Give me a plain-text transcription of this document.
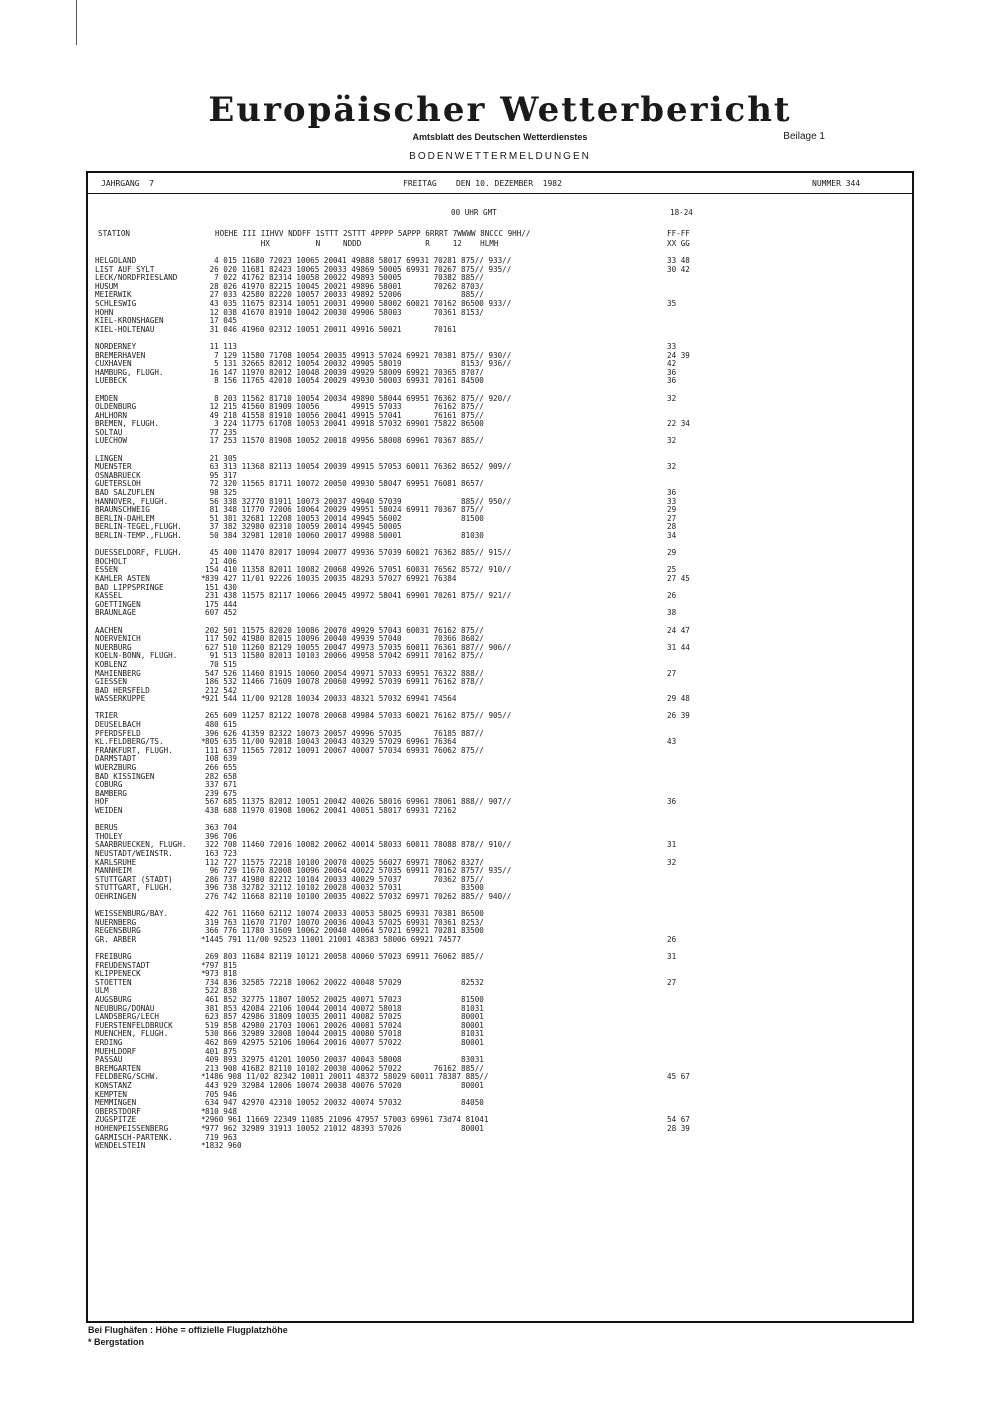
Europäischer Wetterbericht
Amtsblatt des Deutschen Wetterdienstes	Beilage 1
BODENWETTERMELDUNGEN
JAHRGANG  7	FREITAG    DEN 10. DEZEMBER  1982	NUMMER 344
00 UHR GMT	18-24
STATION	HOEHE III IIHVV NDDFF 1STTT 2STTT 4PPPP 5APPP 6RRRT 7WWWW 8NCCC 9HH//
HX          N     NDDD              R     12    HLMH
FF-FF
XX GG
HELGOLAND	4 015 11680 72023 10065 20041 49888 58017 69931 70281 875// 933//	33 48
LIST AUF SYLT	26 020 11681 82423 10065 20033 49869 50005 69931 70267 875// 935//	30 42
LECK/NORDFRIESLAND	7 022 41762 82314 10058 20022 49893 50005       70382 885//
HUSUM	28 026 41970 82215 10045 20021 49896 58001       70262 8703/
MEIERWIK	27 033 42580 82220 10057 20033 49892 52006             885//
SCHLESWIG	43 035 11675 82314 10051 20031 49900 58002 60021 70162 86500 933//	35
HOHN	12 038 41670 81910 10042 20030 49906 58003       70361 8153/
KIEL-KRONSHAGEN	17 045
KIEL-HOLTENAU	31 046 41960 02312 10051 20011 49916 50021       70161
NORDERNEY	11 113	33
BREMERHAVEN	7 129 11580 71708 10054 20035 49913 57024 69921 70381 875// 930//	24 39
CUXHAVEN	5 131 32665 82012 10054 20032 49905 58019             8153/ 936//	42
HAMBURG, FLUGH.	16 147 11970 82012 10048 20039 49929 58009 69921 70365 8707/	36
LUEBECK	8 156 11765 42010 10054 20029 49930 50003 69931 70161 84500	36
EMDEN	8 203 11562 81710 10054 20034 49890 58044 69951 76362 875// 920//	32
OLDENBURG	12 215 41560 81909 10056       49915 57033       76162 875//
AHLHORN	49 218 41558 81910 10056 20041 49915 57041       76161 875//
BREMEN, FLUGH.	3 224 11775 61708 10053 20041 49918 57032 69901 75822 86500	22 34
SOLTAU	77 235
LUECHOW	17 253 11570 81908 10052 20018 49956 58008 69961 70367 885//	32
LINGEN	21 305
MUENSTER	63 313 11368 82113 10054 20039 49915 57053 60011 76362 8652/ 909//	32
OSNABRUECK	95 317
GUETERSLOH	72 320 11565 81711 10072 20050 49930 58047 69951 76081 8657/
BAD SALZUFLEN	98 325	36
HANNOVER, FLUGH.	56 338 32770 81911 10073 20037 49940 57039             885// 950//	33
BRAUNSCHWEIG	81 348 11770 72006 10064 20029 49951 58024 69911 70367 875//	29
BERLIN-DAHLEM	51 381 32681 12208 10053 20014 49945 56002             81500	27
BERLIN-TEGEL,FLUGH.	37 382 32980 02310 10059 20014 49945 50005	28
BERLIN-TEMP.,FLUGH.	50 384 32981 12010 10060 20017 49988 50001             81030	34
DUESSELDORF, FLUGH.	45 400 11470 82017 10094 20077 49936 57039 60021 76362 885// 915//	29
BOCHOLT	21 406
ESSEN	154 410 11358 82011 10082 20068 49926 57051 60031 76562 8572/ 910//	25
KAHLER ASTEN	* 839 427 11/01 92226 10035 20035 48293 57027 69921 76384	27 45
BAD LIPPSPRINGE	151 430
KASSEL	231 438 11575 82117 10066 20045 49972 58041 69901 70261 875// 921//	26
GOETTINGEN	175 444
BRAUNLAGE	607 452	38
AACHEN	202 501 11575 82020 10086 20070 49929 57043 60031 76162 875//	24 47
NOERVENICH	117 502 41980 82015 10096 20040 49939 57040       70366 8602/
NUERBURG	627 510 11260 82129 10055 20047 49973 57035 60011 76361 887// 906//	31 44
KOELN-BONN, FLUGH.	91 513 11580 82013 10103 20066 49958 57042 69911 70162 875//
KOBLENZ	70 515
MAHIENBERG	547 526 11460 81915 10060 20054 49971 57033 69951 76322 888//	27
GIESSEN	186 532 11466 71609 10078 20060 49992 57039 69911 76162 878//
BAD HERSFELD	212 542
WASSERKUPPE	* 921 544 11/00 92128 10034 20033 48321 57032 69941 74564	29 48
TRIER	265 609 11257 82122 10078 20068 49984 57033 60021 76162 875// 905//	26 39
DEUSELBACH	480 615
PFERDSFELD	396 626 41359 82322 10073 20057 49996 57035       76185 887//
KL.FELDBERG/TS.	* 805 635 11/00 92018 10043 20043 40329 57029 69961 76364	43
FRANKFURT, FLUGH.	111 637 11565 72012 10091 20067 40007 57034 69931 76062 875//
DARMSTADT	108 639
WUERZBURG	266 655
BAD KISSINGEN	282 658
COBURG	337 671
BAMBERG	239 675
HOF	567 685 11375 82012 10051 20042 40026 58016 69961 78061 888// 907//	36
WEIDEN	438 688 11970 01908 10062 20041 40051 58017 69931 72162
BERUS	363 704
THOLEY	396 706
SAARBRUECKEN, FLUGH. 322 708 11460 72016 10082 20062 40014 58033 60011 78088 878// 910//	31
NEUSTADT/WEINSTR.	163 723
KARLSRUHE	112 727 11575 72218 10100 20070 40025 56027 69971 78062 8327/	32
MANNHEIM	96 729 11670 82008 10096 20064 40022 57035 69911 70162 8757/ 935//
STUTTGART (STADT)	286 737 41980 82212 10104 20033 40029 57037       70362 875//
STUTTGART, FLUGH.	396 738 32782 32112 10102 20028 40032 57031             83500
OEHRINGEN	276 742 11668 82110 10100 20035 40022 57032 69971 70262 885// 940//
WEISSENBURG/BAY.	422 761 11660 62112 10074 20033 40053 58025 69931 70381 86500
NUERNBERG	319 763 11670 71707 10070 20036 40043 57025 69931 70361 8253/
REGENSBURG	366 776 11780 31609 10062 20040 40064 57021 69921 70281 83500
GR. ARBER	* 1445 791 11/00 92523 11001 21001 48383 58006 69921 74577	26
FREIBURG	269 803 11684 82119 10121 20058 40060 57023 69911 76062 885//	31
FREUDENSTADT	* 797 815
KLIPPENECK	* 973 818
STOETTEN	734 836 32585 72218 10062 20022 40048 57029             82532	27
ULM	522 838
AUGSBURG	461 852 32775 11807 10052 20025 40071 57023             81500
NEUBURG/DONAU	381 853 42084 22106 10044 20014 40072 58018             81031
LANDSBERG/LECH	623 857 42986 31809 10035 20011 40082 57025             80001
FUERSTENFELDBRUCK	519 858 42980 21703 10061 20026 40081 57024             80001
MUENCHEN, FLUGH.	530 866 32989 32008 10044 20015 40080 57018             81031
ERDING	462 869 42975 52106 10064 20016 40077 57022             80001
MUEHLDORF	401 875
PASSAU	409 893 32975 41201 10050 20037 40043 58008             83031
BREMGARTEN	213 908 41682 82110 10102 20030 40062 57022       76162 885//
FELDBERG/SCHW.	* 1486 908 11/02 82342 10011 20011 48372 58029 60011 78387 885//	45 67
KONSTANZ	443 929 32984 12006 10074 20038 40076 57020             80001
KEMPTEN	705 946
MEMMINGEN	634 947 42970 42310 10052 20032 40074 57032             84050
OBERSTDORF	* 810 948
ZUGSPITZE	* 2960 961 11669 22349 11085 21096 47957 57003 69961 73d74 81041	54 67
HOHENPEISSENBERG	* 977 962 32989 31913 10052 21012 48393 57026             80001	28 39
GARMISCH-PARTENK.	719 963
WENDELSTEIN	* 1832 960
Bei Flughäfen : Höhe = offizielle Flugplatzhöhe
* Bergstation
